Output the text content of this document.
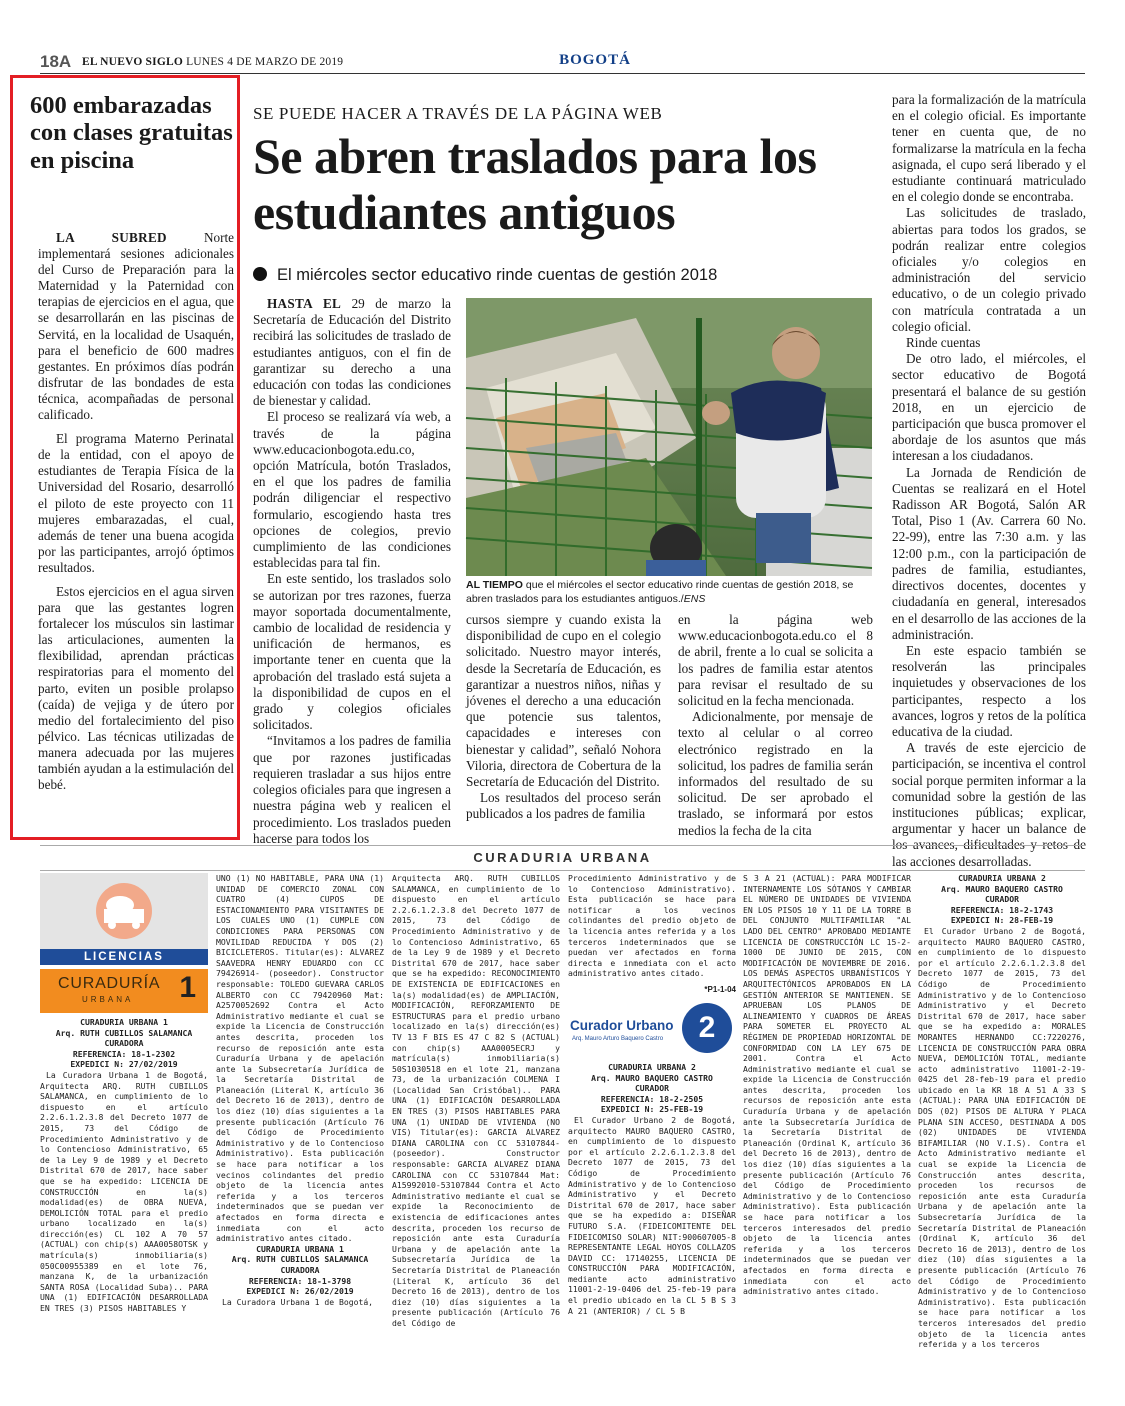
18A EL NUEVO SIGLO LUNES 4 DE MARZO DE 2019	BOGOTÁ
600 embarazadas con clases gratuitas en piscina

LA SUBRED Norte implementará sesiones adicionales del Curso de Preparación para la Maternidad y la Paternidad con terapias de ejercicios en el agua, que se desarrollarán en las piscinas de Servitá, en la localidad de Usaquén, para el beneficio de 600 madres gestantes. En próximos días podrán disfrutar de las bondades de esta técnica, acompañadas de personal calificado.

El programa Materno Perinatal de la entidad, con el apoyo de estudiantes de Terapia Física de la Universidad del Rosario, desarrolló el piloto de este proyecto con 11 mujeres embarazadas, el cual, además de tener una buena acogida por las participantes, arrojó óptimos resultados.

Estos ejercicios en el agua sirven para que las gestantes logren fortalecer los músculos sin lastimar las articulaciones, aumenten la flexibilidad, aprendan prácticas respiratorias para el momento del parto, eviten un posible prolapso (caída) de vejiga y de útero por medio del fortalecimiento del piso pélvico. Las técnicas utilizadas de manera adecuada por las mujeres también ayudan a la estimulación del bebé.

SE PUEDE HACER A TRAVÉS DE LA PÁGINA WEB
Se abren traslados para los estudiantes antiguos
El miércoles sector educativo rinde cuentas de gestión 2018

HASTA EL 29 de marzo la Secretaría de Educación del Distrito recibirá las solicitudes de traslado de estudiantes antiguos, con el fin de garantizar su derecho a una educación con todas las condiciones de bienestar y calidad.

El proceso se realizará vía web, a través de la página www.educacionbogota.edu.co, opción Matrícula, botón Traslados, en el que los padres de familia podrán diligenciar el respectivo formulario, escogiendo hasta tres opciones de colegios, previo cumplimiento de las condiciones establecidas para tal fin.

En este sentido, los traslados solo se autorizan por tres razones, fuerza mayor soportada documentalmente, cambio de localidad de residencia y unificación de hermanos, es importante tener en cuenta que la aprobación del traslado está sujeta a la disponibilidad de cupos en el grado y colegios oficiales solicitados.

“Invitamos a los padres de familia que por razones justificadas requieren trasladar a sus hijos entre colegios oficiales para que ingresen a nuestra página web y realicen el procedimiento. Los traslados pueden hacerse para todos los

AL TIEMPO que el miércoles el sector educativo rinde cuentas de gestión 2018, se abren traslados para los estudiantes antiguos./ENS

cursos siempre y cuando exista la disponibilidad de cupo en el colegio solicitado. Nuestro mayor interés, desde la Secretaría de Educación, es garantizar a nuestros niños, niñas y jóvenes el derecho a una educación que potencie sus talentos, capacidades e intereses con bienestar y calidad”, señaló Nohora Viloria, directora de Cobertura de la Secretaría de Educación del Distrito.

Los resultados del proceso serán publicados a los padres de familia

en la página web www.educacionbogota.edu.co el 8 de abril, frente a lo cual se solicita a los padres de familia estar atentos para revisar el resultado de su solicitud en la fecha mencionada.

Adicionalmente, por mensaje de texto al celular o al correo electrónico registrado en la solicitud, los padres de familia serán informados del resultado de su solicitud. De ser aprobado el traslado, se informará por estos medios la fecha de la cita

para la formalización de la matrícula en el colegio oficial. Es importante tener en cuenta que, de no formalizarse la matrícula en la fecha asignada, el cupo será liberado y el estudiante continuará matriculado en el colegio donde se encontraba.

Las solicitudes de traslado, abiertas para todos los grados, se podrán realizar entre colegios oficiales y/o colegios en administración del servicio educativo, o de un colegio privado con matrícula contratada a un colegio oficial.

Rinde cuentas

De otro lado, el miércoles, el sector educativo de Bogotá presentará el balance de su gestión 2018, en un ejercicio de participación que busca promover el abordaje de los asuntos que más interesan a los ciudadanos.

La Jornada de Rendición de Cuentas se realizará en el Hotel Radisson AR Bogotá, Salón AR Total, Piso 1 (Av. Carrera 60 No. 22-99), entre las 7:30 a.m. y las 12:00 p.m., con la participación de padres de familia, estudiantes, directivos docentes, docentes y ciudadanía en general, interesados en el desarrollo de las acciones de la administración.

En este espacio también se resolverán las principales inquietudes y observaciones de los participantes, respecto a los avances, logros y retos de la política educativa de la ciudad.

A través de este ejercicio de participación, se incentiva el control social porque permiten informar a la comunidad sobre la gestión de las instituciones públicas; explicar, argumentar y hacer un balance de los avances, dificultades y retos de las acciones desarrolladas.

CURADURIA URBANA
LICENCIAS
CURADURÍA
URBANA 1
CURADURIA URBANA 1
Arq. RUTH CUBILLOS SALAMANCA
CURADORA
REFERENCIA: 18-1-2302
EXPEDICI N: 27/02/2019

La Curadora Urbana 1 de Bogotá, Arquitecta ARQ. RUTH CUBILLOS SALAMANCA, en cumplimiento de lo dispuesto en el artículo 2.2.6.1.2.3.8 del Decreto 1077 de 2015, 73 del Código de Procedimiento Administrativo y de lo Contencioso Administrativo, 65 de la Ley 9 de 1989 y el Decreto Distrital 670 de 2017, hace saber que se ha expedido: LICENCIA DE CONSTRUCCIÓN en la(s) modalidad(es) de OBRA NUEVA, DEMOLICIÓN TOTAL para el predio urbano localizado en la(s) dirección(es) CL 102 A 70 57 (ACTUAL) con chip(s) AAA0058OTSK y matrícula(s) inmobiliaria(s) 050C00955389 en el lote 76, manzana K, de la urbanización SANTA ROSA (Localidad Suba).. PARA UNA (1) EDIFICACIÓN DESARROLLADA EN TRES (3) PISOS HABITABLES Y

UNO (1) NO HABITABLE, PARA UNA (1) UNIDAD DE COMERCIO ZONAL CON CUATRO (4) CUPOS DE ESTACIONAMIENTO PARA VISITANTES DE LOS CUALES UNO (1) CUMPLE CON CONDICIONES PARA PERSONAS CON MOVILIDAD REDUCIDA Y DOS (2) BICICLETEROS. Titular(es): ALVAREZ SAAVEDRA HENRY EDUARDO con CC 79426914- (poseedor). Constructor responsable: TOLEDO GUEVARA CARLOS ALBERTO con CC 79420960 Mat: A2570052692 Contra el Acto Administrativo mediante el cual se expide la Licencia de Construcción antes descrita, proceden los recurso de reposición ante esta Curaduría Urbana y de apelación ante la Subsecretaría Jurídica de la Secretaría Distrital de Planeación (Literal K, artículo 36 del Decreto 16 de 2013), dentro de los diez (10) días siguientes a la presente publicación (Artículo 76 del Código de Procedimiento Administrativo y de lo Contencioso Administrativo). Esta publicación se hace para notificar a los vecinos colindantes del predio objeto de la licencia antes referida y a los terceros indeterminados que se puedan ver afectados en forma directa e inmediata con el acto administrativo antes citado.

CURADURIA URBANA 1
Arq. RUTH CUBILLOS SALAMANCA
CURADORA
REFERENCIA: 18-1-3798
EXPEDICI N: 26/02/2019

La Curadora Urbana 1 de Bogotá,

Arquitecta ARQ. RUTH CUBILLOS SALAMANCA, en cumplimiento de lo dispuesto en el artículo 2.2.6.1.2.3.8 del Decreto 1077 de 2015, 73 del Código de Procedimiento Administrativo y de lo Contencioso Administrativo, 65 de la Ley 9 de 1989 y el Decreto Distrital 670 de 2017, hace saber que se ha expedido: RECONOCIMIENTO DE EXISTENCIA DE EDIFICACIONES en la(s) modalidad(es) de AMPLIACIÓN, MODIFICACIÓN, REFORZAMIENTO DE ESTRUCTURAS para el predio urbano localizado en la(s) dirección(es) TV 13 F BIS ES 47 C 82 S (ACTUAL) con chip(s) AAA0005ECRJ y matrícula(s) inmobiliaria(s) 50S1030518 en el lote 21, manzana 73, de la urbanización COLMENA I (Localidad San Cristóbal).. PARA UNA (1) EDIFICACIÓN DESARROLLADA EN TRES (3) PISOS HABITABLES PARA UNA (1) UNIDAD DE VIVIENDA (NO VIS) Titular(es): GARCIA ALVAREZ DIANA CAROLINA con CC 53107844- (poseedor). Constructor responsable: GARCIA ALVAREZ DIANA CAROLINA con CC 53107844 Mat: A15992010-53107844 Contra el Acto Administrativo mediante el cual se expide la Reconocimiento de existencia de edificaciones antes descrita, proceden los recurso de reposición ante esta Curaduría Urbana y de apelación ante la Subsecretaría Jurídica de la Secretaría Distrital de Planeación (Literal K, artículo 36 del Decreto 16 de 2013), dentro de los diez (10) días siguientes a la presente publicación (Artículo 76 del Código de

Procedimiento Administrativo y de lo Contencioso Administrativo). Esta publicación se hace para notificar a los vecinos colindantes del predio objeto de la licencia antes referida y a los terceros indeterminados que se puedan ver afectados en forma directa e inmediata con el acto administrativo antes citado.

*P1-1-04
Curador Urbano
Arq. Mauro Arturo Baquero Castro 2
CURADURIA URBANA 2
Arq. MAURO BAQUERO CASTRO
CURADOR
REFERENCIA: 18-2-2505
EXPEDICI N: 25-FEB-19

El Curador Urbano 2 de Bogotá, arquitecto MAURO BAQUERO CASTRO, en cumplimiento de lo dispuesto por el artículo 2.2.6.1.2.3.8 del Decreto 1077 de 2015, 73 del Código de Procedimiento Administrativo y de lo Contencioso Administrativo y el Decreto Distrital 670 de 2017, hace saber que se ha expedido a: DISEÑAR FUTURO S.A. (FIDEICOMITENTE DEL FIDEICOMISO SOLAR) NIT:900607005-8 REPRESENTANTE LEGAL HOYOS COLLAZOS DAVID CC: 17140255, LICENCIA DE CONSTRUCCIÓN PARA MODIFICACIÓN, mediante acto administrativo 11001-2-19-0406 del 25-feb-19 para el predio ubicado en la CL 5 B S 3 A 21 (ANTERIOR) / CL 5 B

S 3 A 21 (ACTUAL): PARA MODIFICAR INTERNAMENTE LOS SÓTANOS Y CAMBIAR EL NÚMERO DE UNIDADES DE VIVIENDA EN LOS PISOS 10 Y 11 DE LA TORRE B DEL CONJUNTO MULTIFAMILIAR "AL LADO DEL CENTRO" APROBADO MEDIANTE LICENCIA DE CONSTRUCCIÓN LC 15-2-1000 DE JUNIO DE 2015, CON MODIFICACIÓN DE NOVIEMBRE DE 2016. LOS DEMÁS ASPECTOS URBANÍSTICOS Y ARQUITECTÓNICOS APROBADOS EN LA GESTIÓN ANTERIOR SE MANTIENEN. SE APRUEBAN LOS PLANOS DE ALINEAMIENTO Y CUADROS DE ÁREAS PARA SOMETER EL PROYECTO AL RÉGIMEN DE PROPIEDAD HORIZONTAL DE CONFORMIDAD CON LA LEY 675 DE 2001. Contra el Acto Administrativo mediante el cual se expide la Licencia de Construcción antes descrita, proceden los recursos de reposición ante esta Curaduría Urbana y de apelación ante la Subsecretaría Jurídica de la Secretaría Distrital de Planeación (Ordinal K, artículo 36 del Decreto 16 de 2013), dentro de los diez (10) días siguientes a la presente publicación (Artículo 76 del Código de Procedimiento Administrativo y de lo Contencioso Administrativo). Esta publicación se hace para notificar a los terceros interesados del predio objeto de la licencia antes referida y a los terceros indeterminados que se puedan ver afectados en forma directa e inmediata con el acto administrativo antes citado.

CURADURIA URBANA 2
Arq. MAURO BAQUERO CASTRO
CURADOR
REFERENCIA: 18-2-1743
EXPEDICI N: 28-FEB-19

El Curador Urbano 2 de Bogotá, arquitecto MAURO BAQUERO CASTRO, en cumplimiento de lo dispuesto por el artículo 2.2.6.1.2.3.8 del Decreto 1077 de 2015, 73 del Código de Procedimiento Administrativo y de lo Contencioso Administrativo y el Decreto Distrital 670 de 2017, hace saber que se ha expedido a: MORALES MORANTES HERNANDO CC:7220276, LICENCIA DE CONSTRUCCIÓN PARA OBRA NUEVA, DEMOLICIÓN TOTAL, mediante acto administrativo 11001-2-19-0425 del 28-feb-19 para el predio ubicado en la KR 18 A 51 A 33 S (ACTUAL): PARA UNA EDIFICACIÓN DE DOS (02) PISOS DE ALTURA Y PLACA PLANA SIN ACCESO, DESTINADA A DOS (02) UNIDADES DE VIVIENDA BIFAMILIAR (NO V.I.S). Contra el Acto Administrativo mediante el cual se expide la Licencia de Construcción antes descrita, proceden los recursos de reposición ante esta Curaduría Urbana y de apelación ante la Subsecretaría Jurídica de la Secretaría Distrital de Planeación (Ordinal K, artículo 36 del Decreto 16 de 2013), dentro de los diez (10) días siguientes a la presente publicación (Artículo 76 del Código de Procedimiento Administrativo y de lo Contencioso Administrativo). Esta publicación se hace para notificar a los terceros interesados del predio objeto de la licencia antes referida y a los terceros
